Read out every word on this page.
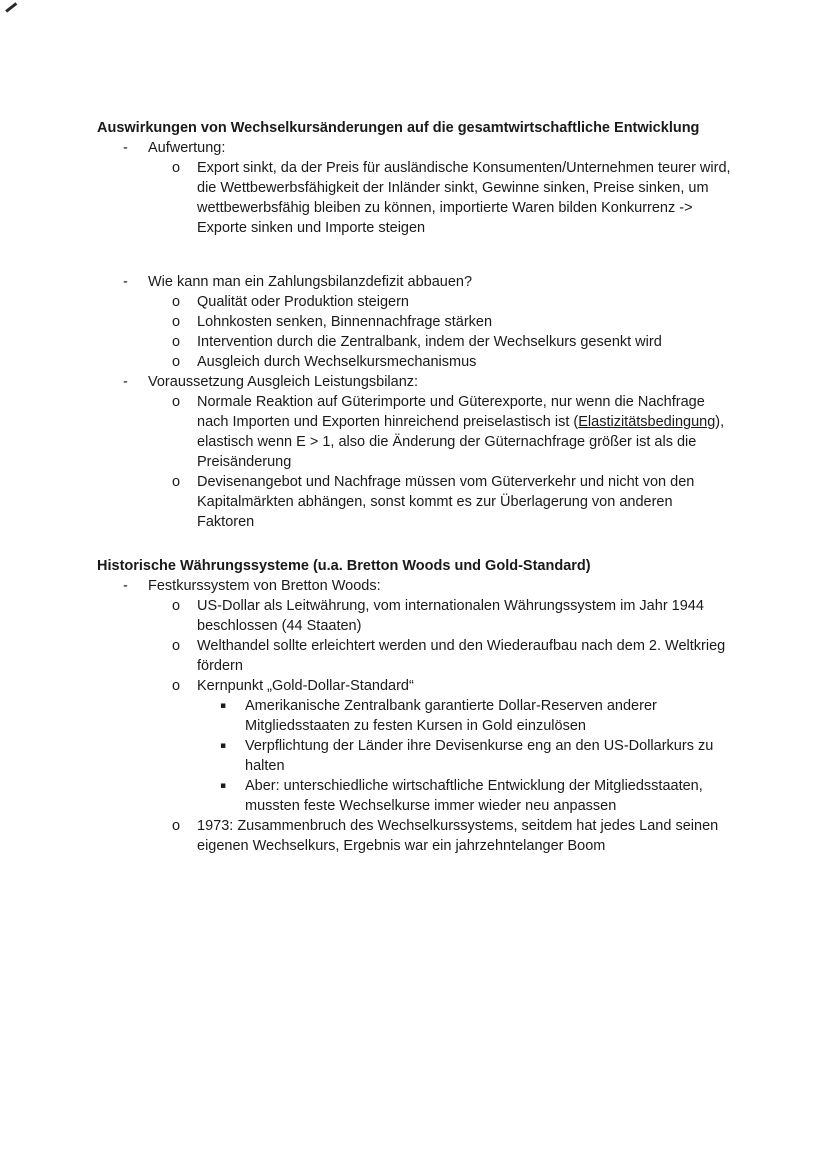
Auswirkungen von Wechselkursänderungen auf die gesamtwirtschaftliche Entwicklung
-	Aufwertung:
o	Export sinkt, da der Preis für ausländische Konsumenten/Unternehmen teurer wird, die Wettbewerbsfähigkeit der Inländer sinkt, Gewinne sinken, Preise sinken, um wettbewerbsfähig bleiben zu können, importierte Waren bilden Konkurrenz -> Exporte sinken und Importe steigen
-	Wie kann man ein Zahlungsbilanzdefizit abbauen?
o	Qualität oder Produktion steigern
o	Lohnkosten senken, Binnennachfrage stärken
o	Intervention durch die Zentralbank, indem der Wechselkurs gesenkt wird
o	Ausgleich durch Wechselkursmechanismus
-	Voraussetzung Ausgleich Leistungsbilanz:
o	Normale Reaktion auf Güterimporte und Güterexporte, nur wenn die Nachfrage nach Importen und Exporten hinreichend preiselastisch ist (Elastizitätsbedingung), elastisch wenn E > 1, also die Änderung der Güternachfrage größer ist als die Preisänderung
o	Devisenangebot und Nachfrage müssen vom Güterverkehr und nicht von den Kapitalmärkten abhängen, sonst kommt es zur Überlagerung von anderen Faktoren
Historische Währungssysteme (u.a. Bretton Woods und Gold-Standard)
-	Festkurssystem von Bretton Woods:
o	US-Dollar als Leitwährung, vom internationalen Währungssystem im Jahr 1944 beschlossen (44 Staaten)
o	Welthandel sollte erleichtert werden und den Wiederaufbau nach dem 2. Weltkrieg fördern
o	Kernpunkt „Gold-Dollar-Standard“
▪	Amerikanische Zentralbank garantierte Dollar-Reserven anderer Mitgliedsstaaten zu festen Kursen in Gold einzulösen
▪	Verpflichtung der Länder ihre Devisenkurse eng an den US-Dollarkurs zu halten
▪	Aber: unterschiedliche wirtschaftliche Entwicklung der Mitgliedsstaaten, mussten feste Wechselkurse immer wieder neu anpassen
o	1973: Zusammenbruch des Wechselkurssystems, seitdem hat jedes Land seinen eigenen Wechselkurs, Ergebnis war ein jahrzehntelanger Boom
